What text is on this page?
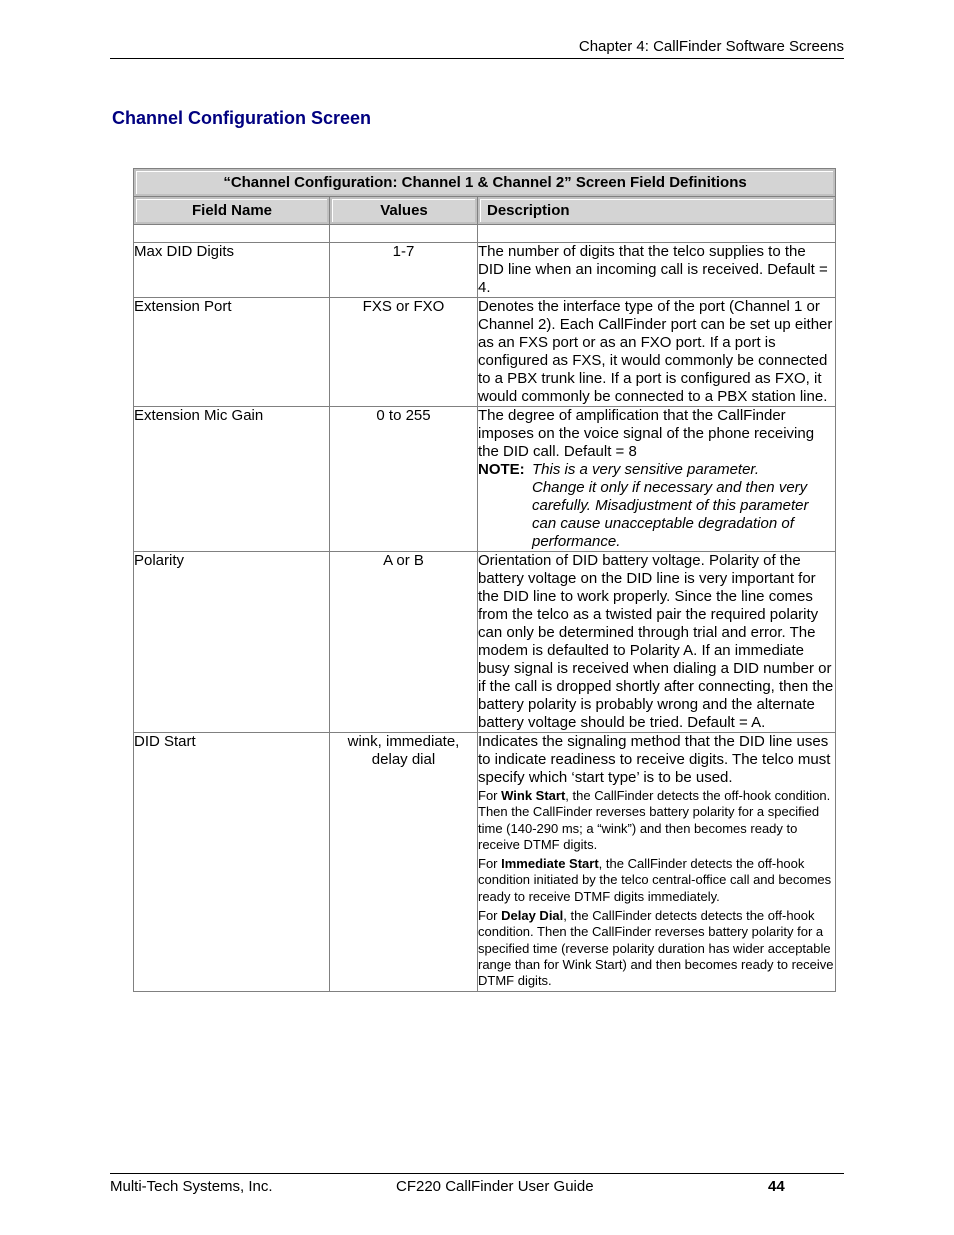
Chapter 4: CallFinder Software Screens
Channel Configuration Screen
“Channel Configuration: Channel 1 & Channel 2” Screen Field Definitions		

Field Name	Values	Description

Max DID Digits	1-7	The number of digits that the telco supplies to the DID line when an incoming call is received. Default = 4.
Extension Port	FXS or FXO	Denotes the interface type of the port (Channel 1 or Channel 2). Each CallFinder port can be set up either as an FXS port or as an FXO port. If a port is configured as FXS, it would commonly be connected to a PBX trunk line. If a port is configured as FXO, it would commonly be connected to a PBX station line.
Extension Mic Gain	0 to 255	The degree of amplification that the CallFinder imposes on the voice signal of the phone receiving the DID call. Default = 8
NOTE: This is a very sensitive parameter.
Change it only if necessary and then very carefully. Misadjustment of this parameter can cause unacceptable degradation of performance.

Polarity	A or B	Orientation of DID battery voltage. Polarity of the battery voltage on the DID line is very important for the DID line to work properly. Since the line comes from the telco as a twisted pair the required polarity can only be determined through trial and error. The modem is defaulted to Polarity A. If an immediate busy signal is received when dialing a DID number or if the call is dropped shortly after connecting, then the battery polarity is probably wrong and the alternate battery voltage should be tried. Default = A.
DID Start	wink, immediate, delay dial	Indicates the signaling method that the DID line uses to indicate readiness to receive digits. The telco must specify which ‘start type’ is to be used.
For Wink Start, the CallFinder detects the off-hook condition. Then the CallFinder reverses battery polarity for a specified time (140-290 ms; a “wink”) and then becomes ready to receive DTMF digits.
For Immediate Start, the CallFinder detects the off-hook condition initiated by the telco central-office call and becomes ready to receive DTMF digits immediately.
For Delay Dial, the CallFinder detects detects the off-hook condition. Then the CallFinder reverses battery polarity for a specified time (reverse polarity duration has wider acceptable range than for Wink Start) and then becomes ready to receive DTMF digits.
Multi-Tech Systems, Inc.	CF220 CallFinder User Guide	44
